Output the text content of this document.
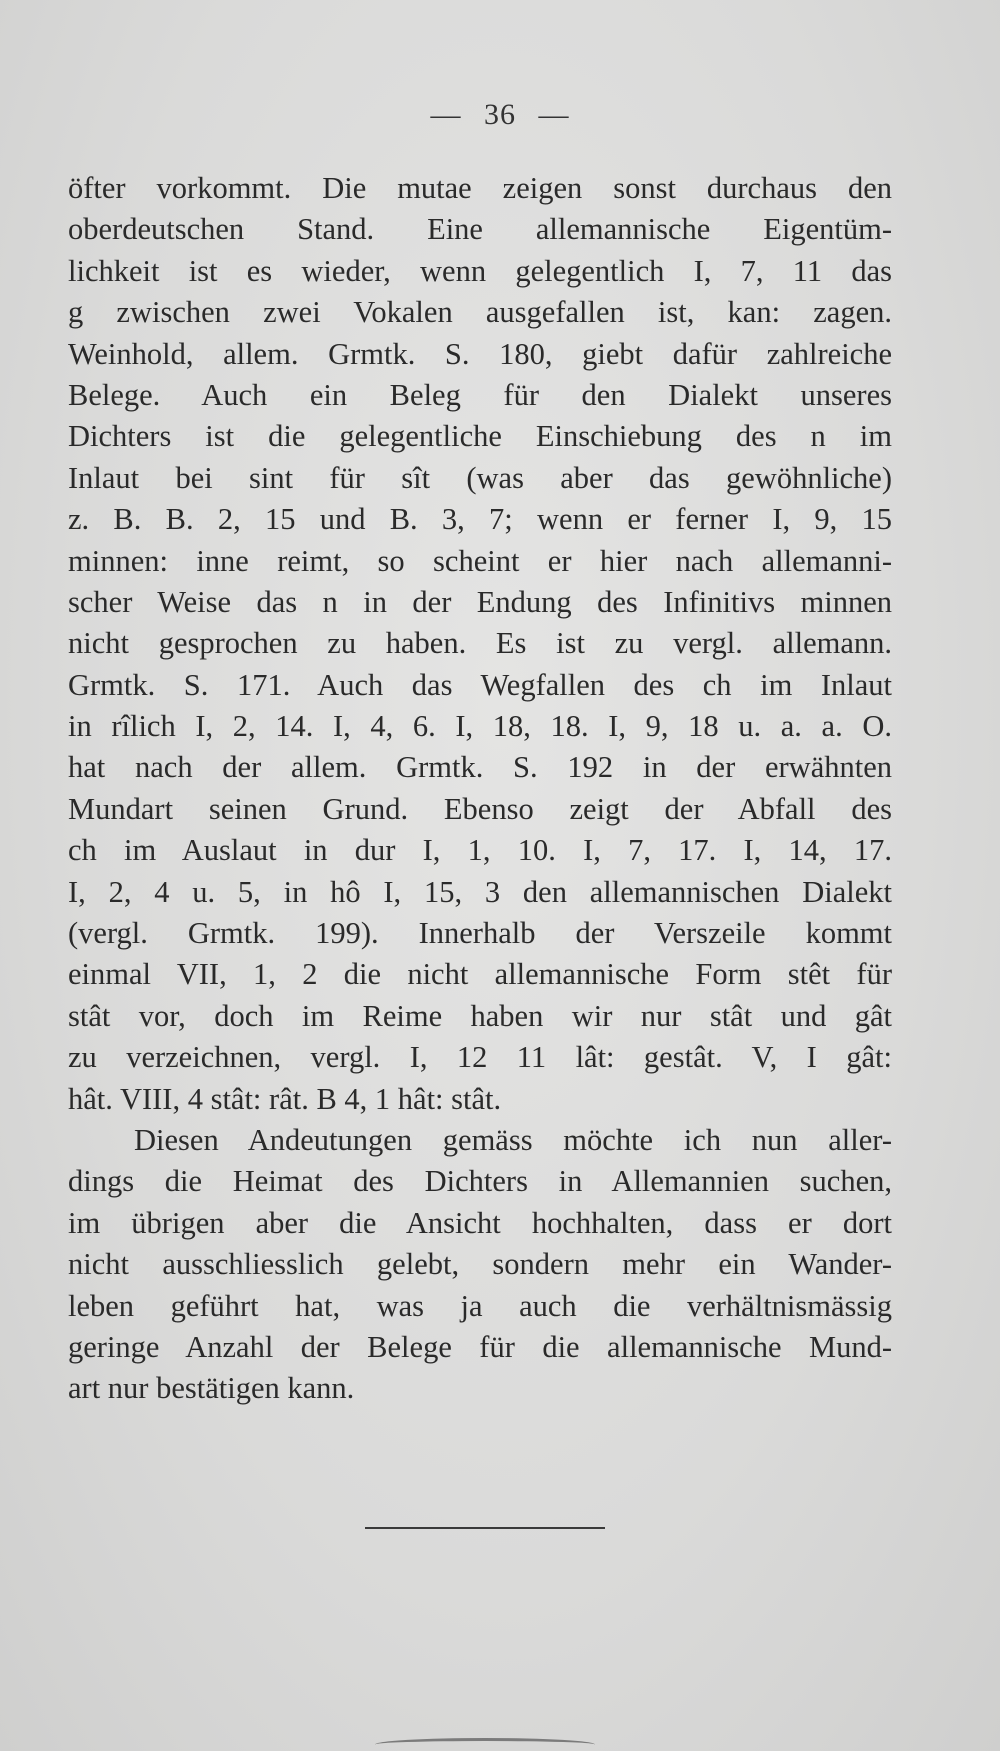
— 36 —
öfter vorkommt. Die mutae zeigen sonst durchaus den
oberdeutschen Stand. Eine allemannische Eigentüm-
lichkeit ist es wieder, wenn gelegentlich I, 7, 11 das
g zwischen zwei Vokalen ausgefallen ist, kan: zagen.
Weinhold, allem. Grmtk. S. 180, giebt dafür zahlreiche
Belege. Auch ein Beleg für den Dialekt unseres
Dichters ist die gelegentliche Einschiebung des n im
Inlaut bei sint für sît (was aber das gewöhnliche)
z. B. B. 2, 15 und B. 3, 7; wenn er ferner I, 9, 15
minnen: inne reimt, so scheint er hier nach allemanni-
scher Weise das n in der Endung des Infinitivs minnen
nicht gesprochen zu haben. Es ist zu vergl. allemann.
Grmtk. S. 171. Auch das Wegfallen des ch im Inlaut
in rîlich I, 2, 14. I, 4, 6. I, 18, 18. I, 9, 18 u. a. a. O.
hat nach der allem. Grmtk. S. 192 in der erwähnten
Mundart seinen Grund. Ebenso zeigt der Abfall des
ch im Auslaut in dur I, 1, 10. I, 7, 17. I, 14, 17.
I, 2, 4 u. 5, in hô I, 15, 3 den allemannischen Dialekt
(vergl. Grmtk. 199). Innerhalb der Verszeile kommt
einmal VII, 1, 2 die nicht allemannische Form stêt für
stât vor, doch im Reime haben wir nur stât und gât
zu verzeichnen, vergl. I, 12 11 lât: gestât. V, I gât:
hât. VIII, 4 stât: rât. B 4, 1 hât: stât.
Diesen Andeutungen gemäss möchte ich nun aller-
dings die Heimat des Dichters in Allemannien suchen,
im übrigen aber die Ansicht hochhalten, dass er dort
nicht ausschliesslich gelebt, sondern mehr ein Wander-
leben geführt hat, was ja auch die verhältnismässig
geringe Anzahl der Belege für die allemannische Mund-
art nur bestätigen kann.
